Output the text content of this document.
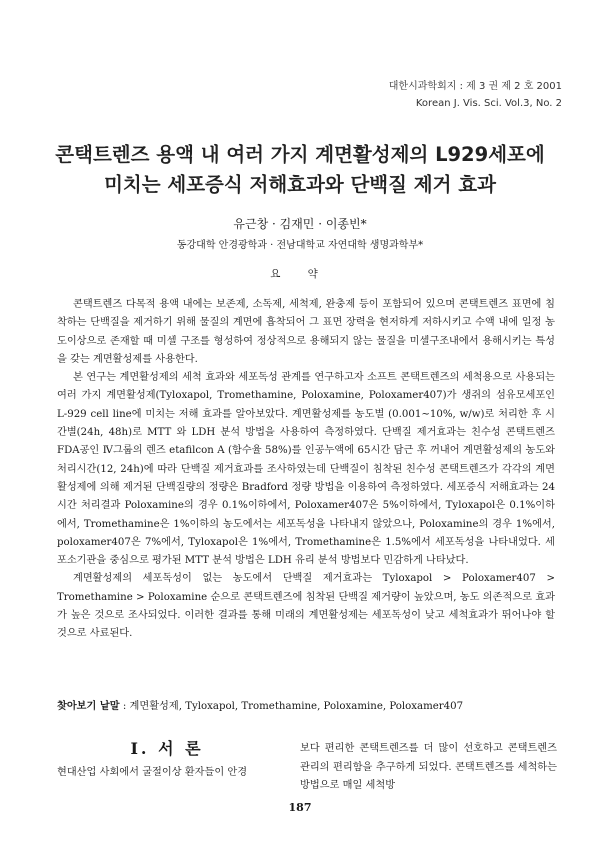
대한시과학회지 : 제 3 권 제 2 호 2001
Korean J. Vis. Sci. Vol.3, No. 2
콘택트렌즈 용액 내 여러 가지 계면활성제의 L929세포에
미치는 세포증식 저해효과와 단백질 제거 효과
유근창 · 김재민 · 이종빈*
동강대학 안경광학과 · 전남대학교 자연대학 생명과학부*
요 약

콘택트렌즈 다목적 용액 내에는 보존제, 소독제, 세척제, 완충제 등이 포함되어 있으며 콘택트렌즈 표면에 침착하는 단백질을 제거하기 위해 물질의 계면에 흡착되어 그 표면 장력을 현저하게 저하시키고 수액 내에 일정 농도이상으로 존재할 때 미셀 구조를 형성하여 정상적으로 용해되지 않는 물질을 미셀구조내에서 용해시키는 특성을 갖는 계면활성제를 사용한다.

본 연구는 계면활성제의 세척 효과와 세포독성 관계를 연구하고자 소프트 콘택트렌즈의 세척용으로 사용되는 여러 가지 계면활성제(Tyloxapol, Tromethamine, Poloxamine, Poloxamer407)가 생쥐의 섬유모세포인 L-929 cell line에 미치는 저해 효과를 알아보았다. 계면활성제를 농도별 (0.001∼10%, w/w)로 처리한 후 시간별(24h, 48h)로 MTT 와 LDH 분석 방법을 사용하여 측정하였다. 단백질 제거효과는 친수성 콘택트렌즈 FDA공인 Ⅳ그룹의 렌즈 etafilcon A (함수율 58%)를 인공누액에 65시간 담근 후 꺼내어 계면활성제의 농도와 처리시간(12, 24h)에 따라 단백질 제거효과를 조사하였는데 단백질이 침착된 친수성 콘택트렌즈가 각각의 계면활성제에 의해 제거된 단백질량의 정량은 Bradford 정량 방법을 이용하여 측정하였다. 세포증식 저해효과는 24시간 처리결과 Poloxamine의 경우 0.1%이하에서, Poloxamer407은 5%이하에서, Tyloxapol은 0.1%이하에서, Tromethamine은 1%이하의 농도에서는 세포독성을 나타내지 않았으나, Poloxamine의 경우 1%에서, poloxamer407은 7%에서, Tyloxapol은 1%에서, Tromethamine은 1.5%에서 세포독성을 나타내었다. 세포소기관을 중심으로 평가된 MTT 분석 방법은 LDH 유리 분석 방법보다 민감하게 나타났다.

계면활성제의 세포독성이 없는 농도에서 단백질 제거효과는 Tyloxapol > Poloxamer407 > Tromethamine > Poloxamine 순으로 콘택트렌즈에 침착된 단백질 제거량이 높았으며, 농도 의존적으로 효과가 높은 것으로 조사되었다. 이러한 결과를 통해 미래의 계면활성제는 세포독성이 낮고 세척효과가 뛰어나야 할 것으로 사료된다.

찾아보기 낱말 : 계면활성제, Tyloxapol, Tromethamine, Poloxamine, Poloxamer407
Ⅰ. 서 론
현대산업 사회에서 굴절이상 환자들이 안경
보다 편리한 콘택트렌즈를 더 많이 선호하고 콘택트렌즈 관리의 편리함을 추구하게 되었다. 콘택트렌즈를 세척하는 방법으로 매일 세척방
187
